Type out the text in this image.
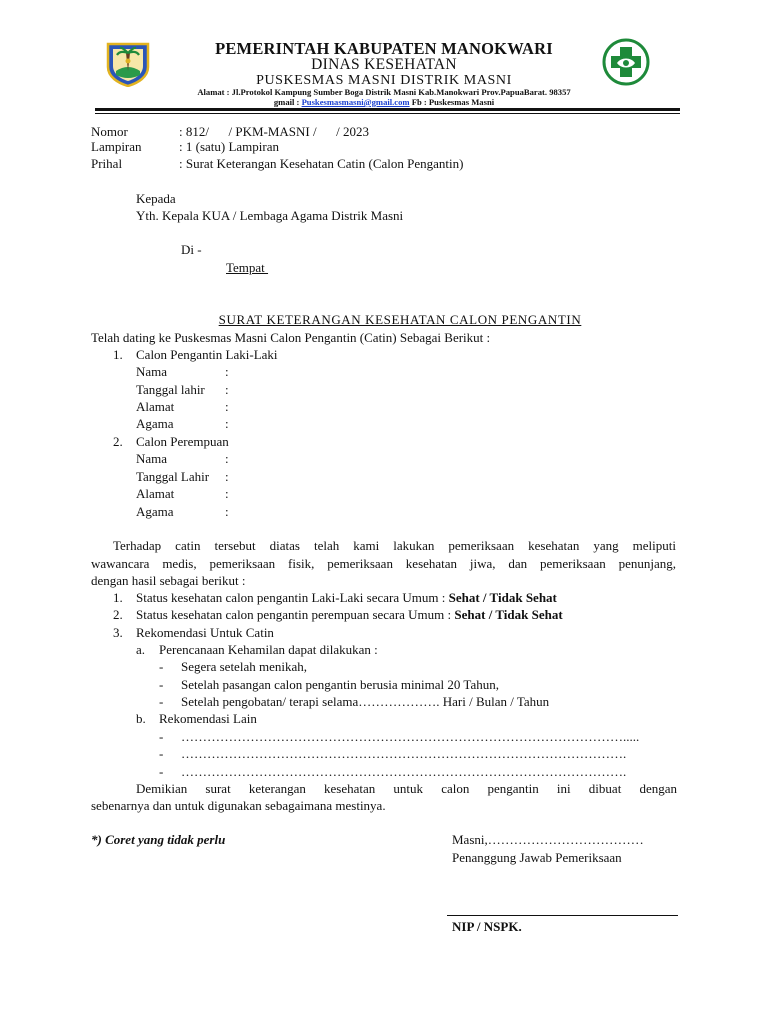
PEMERINTAH KABUPATEN MANOKWARI
DINAS KESEHATAN
PUSKESMAS MASNI DISTRIK MASNI
Alamat : Jl.Protokol Kampung Sumber Boga Distrik Masni Kab.Manokwari Prov.PapuaBarat. 98357
gmail : Puskesmasmasni@gmail.com Fb : Puskesmas Masni
Nomor	: 812/      / PKM-MASNI /      / 2023
Lampiran	: 1 (satu) Lampiran
Prihal	: Surat Keterangan Kesehatan Catin (Calon Pengantin)
Kepada
Yth. Kepala KUA / Lembaga Agama Distrik Masni
Di -
Tempat
SURAT KETERANGAN KESEHATAN CALON PENGANTIN
Telah dating ke Puskesmas Masni Calon Pengantin (Catin) Sebagai Berikut :
1. Calon Pengantin Laki-Laki
Nama	:
Tanggal lahir :
Alamat	:
Agama	:
2. Calon Perempuan
Nama	:
Tanggal Lahir :
Alamat	:
Agama	:
Terhadap catin tersebut diatas telah kami lakukan pemeriksaan kesehatan yang meliputi
wawancara medis, pemeriksaan fisik, pemeriksaan kesehatan jiwa, dan pemeriksaan penunjang,
dengan hasil sebagai berikut :
1. Status kesehatan calon pengantin Laki-Laki secara Umum : Sehat / Tidak Sehat
2. Status kesehatan calon pengantin perempuan secara Umum : Sehat / Tidak Sehat
3. Rekomendasi Untuk Catin
a. Perencanaan Kehamilan dapat dilakukan :
- Segera setelah menikah,
- Setelah pasangan calon pengantin berusia minimal 20 Tahun,
- Setelah pengobatan/ terapi selama………………. Hari / Bulan / Tahun
b. Rekomendasi Lain
- ………………………………………………………………………………………….....
- ………………………………………………………………………………………….
- ………………………………………………………………………………………….
Demikian surat keterangan kesehatan untuk calon pengantin ini dibuat dengan
sebenarnya dan untuk digunakan sebagaimana mestinya.
*) Coret yang tidak perlu	Masni,………………………………
Penanggung Jawab Pemeriksaan
NIP / NSPK.
